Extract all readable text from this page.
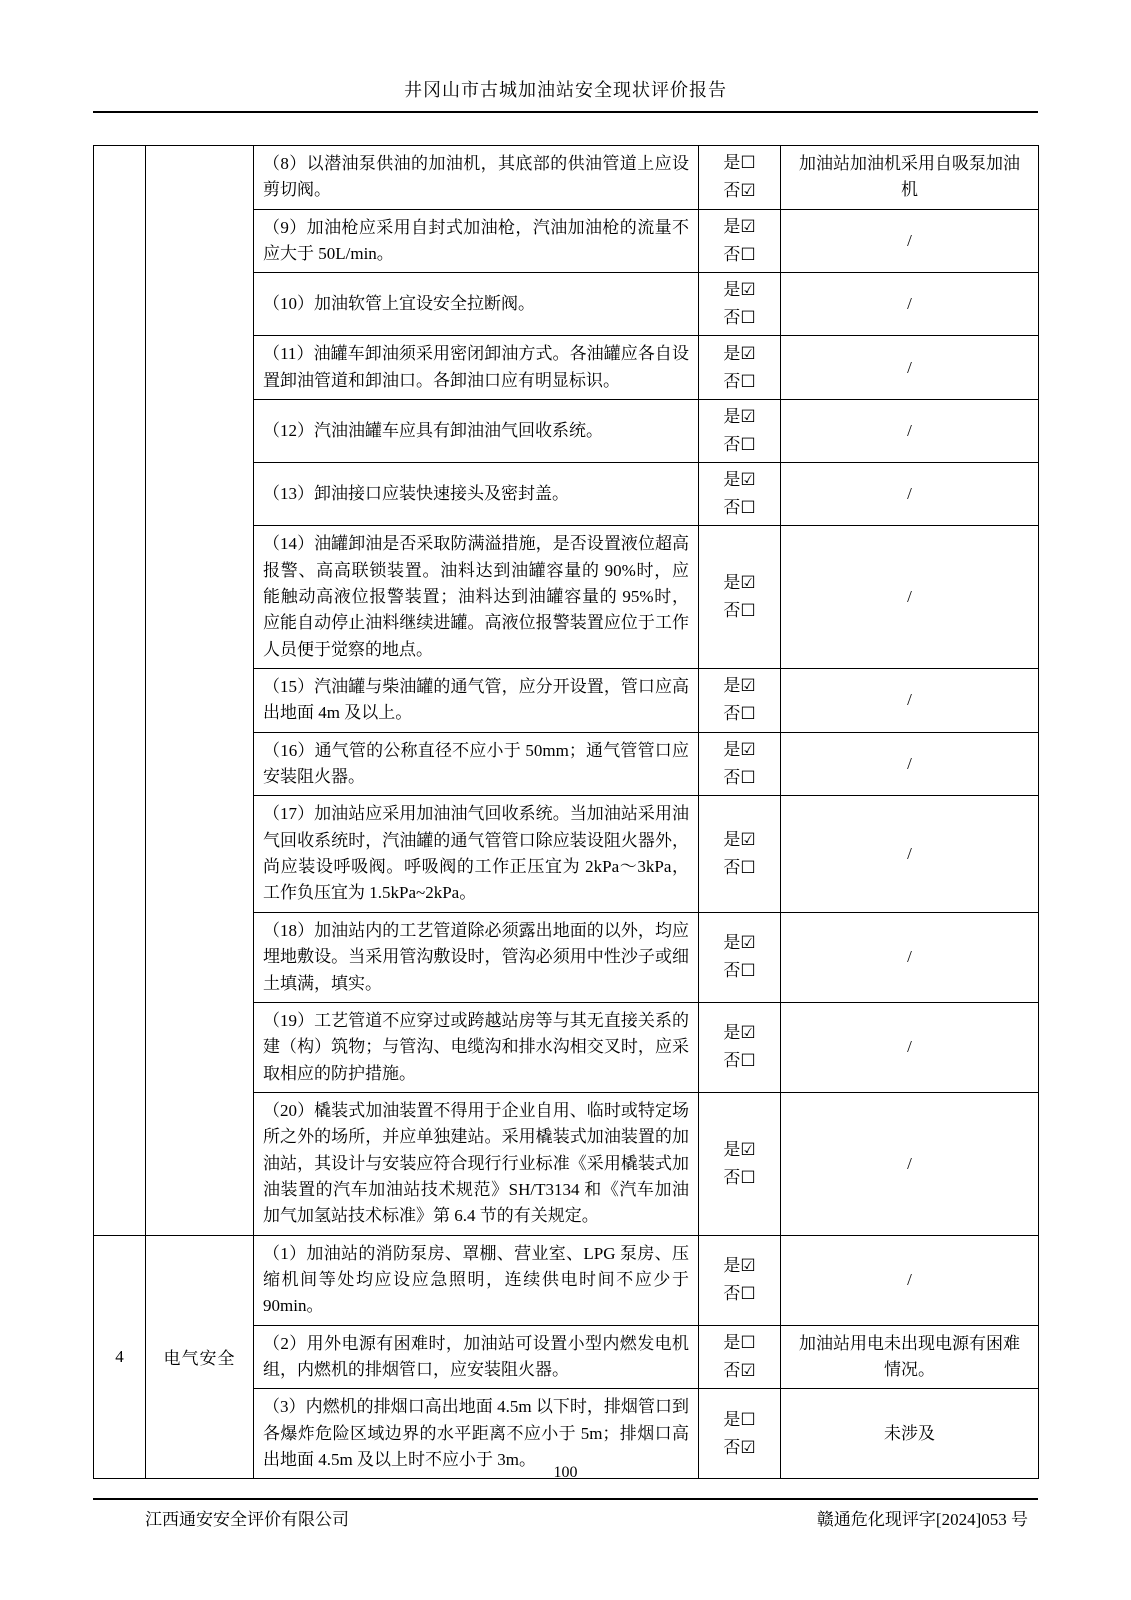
井冈山市古城加油站安全现状评价报告
		（8）以潜油泵供油的加油机，其底部的供油管道上应设剪切阀。	是☐
否☑	加油站加油机采用自吸泵加油机
		（9）加油枪应采用自封式加油枪，汽油加油枪的流量不应大于 50L/min。	是☑
否☐	/
		（10）加油软管上宜设安全拉断阀。	是☑
否☐	/
		（11）油罐车卸油须采用密闭卸油方式。各油罐应各自设置卸油管道和卸油口。各卸油口应有明显标识。	是☑
否☐	/
		（12）汽油油罐车应具有卸油油气回收系统。	是☑
否☐	/
		（13）卸油接口应装快速接头及密封盖。	是☑
否☐	/
		（14）油罐卸油是否采取防满溢措施，是否设置液位超高报警、高高联锁装置。油料达到油罐容量的 90%时，应能触动高液位报警装置；油料达到油罐容量的 95%时，应能自动停止油料继续进罐。高液位报警装置应位于工作人员便于觉察的地点。	是☑
否☐	/
		（15）汽油罐与柴油罐的通气管，应分开设置，管口应高出地面 4m 及以上。	是☑
否☐	/
		（16）通气管的公称直径不应小于 50mm；通气管管口应安装阻火器。	是☑
否☐	/
		（17）加油站应采用加油油气回收系统。当加油站采用油气回收系统时，汽油罐的通气管管口除应装设阻火器外，尚应装设呼吸阀。呼吸阀的工作正压宜为 2kPa～3kPa，工作负压宜为 1.5kPa~2kPa。	是☑
否☐	/
		（18）加油站内的工艺管道除必须露出地面的以外，均应埋地敷设。当采用管沟敷设时，管沟必须用中性沙子或细土填满，填实。	是☑
否☐	/
		（19）工艺管道不应穿过或跨越站房等与其无直接关系的建（构）筑物；与管沟、电缆沟和排水沟相交叉时，应采取相应的防护措施。	是☑
否☐	/
		（20）橇装式加油装置不得用于企业自用、临时或特定场所之外的场所，并应单独建站。采用橇装式加油装置的加油站，其设计与安装应符合现行行业标准《采用橇装式加油装置的汽车加油站技术规范》SH/T3134 和《汽车加油加气加氢站技术标准》第 6.4 节的有关规定。	是☑
否☐	/
4	电气安全	（1）加油站的消防泵房、罩棚、营业室、LPG 泵房、压缩机间等处均应设应急照明，连续供电时间不应少于 90min。	是☑
否☐	/
		（2）用外电源有困难时，加油站可设置小型内燃发电机组，内燃机的排烟管口，应安装阻火器。	是☐
否☑	加油站用电未出现电源有困难情况。
		（3）内燃机的排烟口高出地面 4.5m 以下时，排烟管口到各爆炸危险区域边界的水平距离不应小于 5m；排烟口高出地面 4.5m 及以上时不应小于 3m。	是☐
否☑	未涉及
100
江西通安安全评价有限公司	赣通危化现评字[2024]053 号
